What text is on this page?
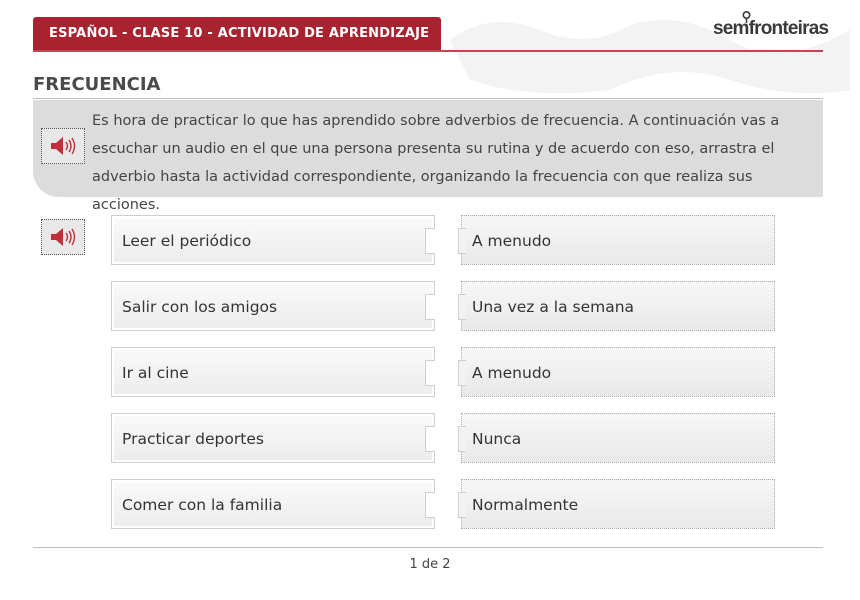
ESPAÑOL - CLASE 10 - ACTIVIDAD DE APRENDIZAJE	semfronteiras
FRECUENCIA

Es hora de practicar lo que has aprendido sobre adverbios de frecuencia. A continuación vas a escuchar un audio en el que una persona presenta su rutina y de acuerdo con eso, arrastra el adverbio hasta la actividad correspondiente, organizando la frecuencia con que realiza sus acciones.

Leer el periódico	A menudo
Salir con los amigos	Una vez a la semana
Ir al cine	A menudo
Practicar deportes	Nunca
Comer con la familia	Normalmente
1 de 2
